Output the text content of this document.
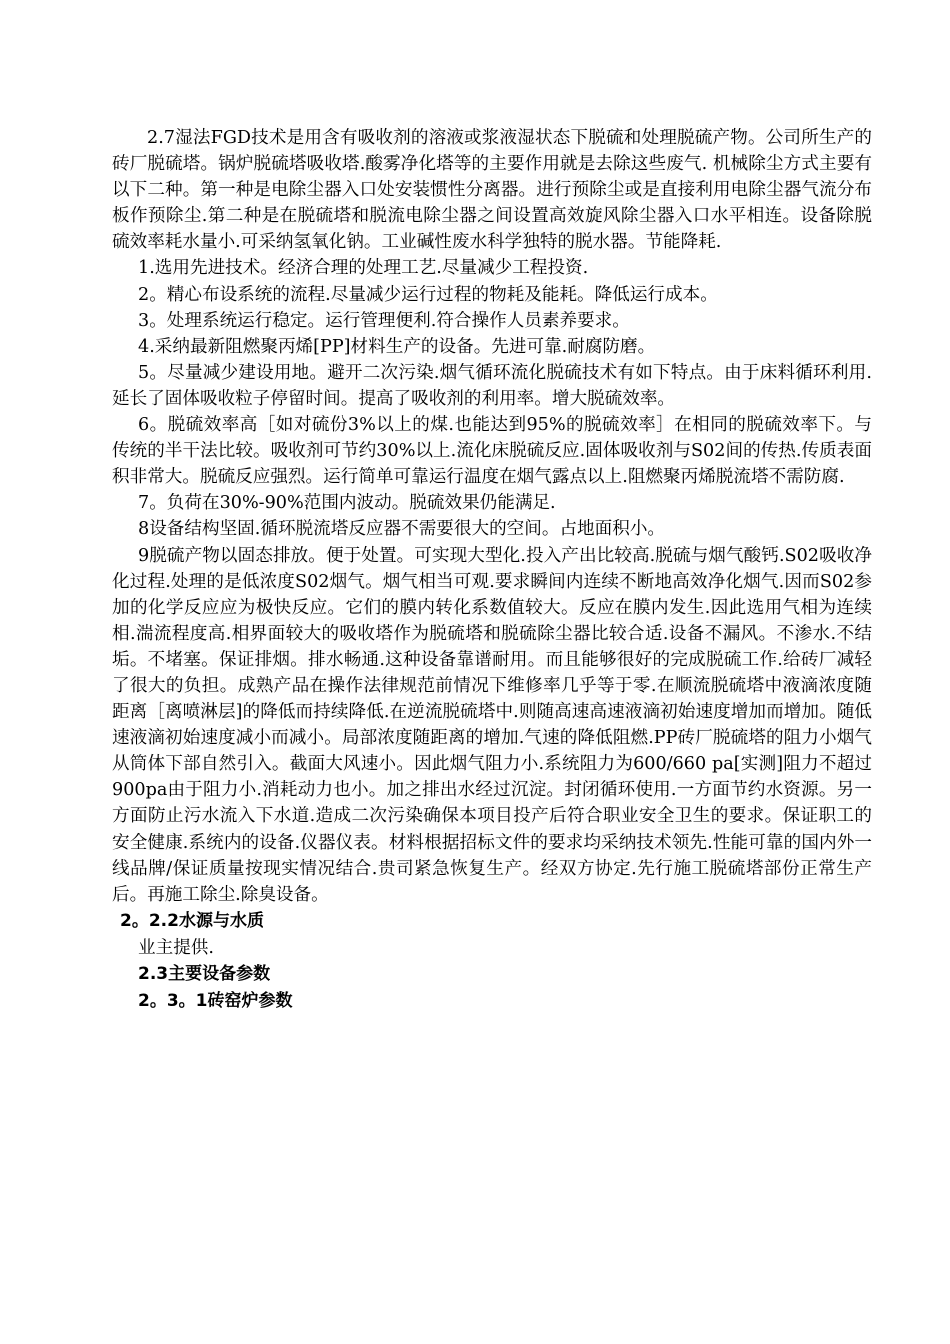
2.7湿法FGD技术是用含有吸收剂的溶液或浆液湿状态下脱硫和处理脱硫产物。公司所生产的砖厂脱硫塔。锅炉脱硫塔吸收塔.酸雾净化塔等的主要作用就是去除这些废气. 机械除尘方式主要有以下二种。第一种是电除尘器入口处安装惯性分离器。进行预除尘或是直接利用电除尘器气流分布板作预除尘.第二种是在脱硫塔和脱流电除尘器之间设置高效旋风除尘器入口水平相连。设备除脱硫效率耗水量小.可采纳氢氧化钠。工业碱性废水科学独特的脱水器。节能降耗.

1.选用先进技术。经济合理的处理工艺.尽量减少工程投资.

2。精心布设系统的流程.尽量减少运行过程的物耗及能耗。降低运行成本。

3。处理系统运行稳定。运行管理便利.符合操作人员素养要求。

4.采纳最新阻燃聚丙烯[PP]材料生产的设备。先进可靠.耐腐防磨。

5。尽量减少建设用地。避开二次污染.烟气循环流化脱硫技术有如下特点。由于床料循环利用.延长了固体吸收粒子停留时间。提高了吸收剂的利用率。增大脱硫效率。

6。脱硫效率高［如对硫份3%以上的煤.也能达到95%的脱硫效率］在相同的脱硫效率下。与传统的半干法比较。吸收剂可节约30%以上.流化床脱硫反应.固体吸收剂与S02间的传热.传质表面积非常大。脱硫反应强烈。运行简单可靠运行温度在烟气露点以上.阻燃聚丙烯脱流塔不需防腐.

7。负荷在30%-90%范围内波动。脱硫效果仍能满足.

8设备结构坚固.循环脱流塔反应器不需要很大的空间。占地面积小。

9脱硫产物以固态排放。便于处置。可实现大型化.投入产出比较高.脱硫与烟气酸钙.S02吸收净化过程.处理的是低浓度S02烟气。烟气相当可观.要求瞬间内连续不断地高效净化烟气.因而S02参加的化学反应应为极快反应。它们的膜内转化系数值较大。反应在膜内发生.因此选用气相为连续相.湍流程度高.相界面较大的吸收塔作为脱硫塔和脱硫除尘器比较合适.设备不漏风。不渗水.不结垢。不堵塞。保证排烟。排水畅通.这种设备靠谱耐用。而且能够很好的完成脱硫工作.给砖厂减轻了很大的负担。成熟产品在操作法律规范前情况下维修率几乎等于零.在顺流脱硫塔中液滴浓度随距离［离喷淋层]的降低而持续降低.在逆流脱硫塔中.则随高速高速液滴初始速度增加而增加。随低速液滴初始速度减小而减小。局部浓度随距离的增加.气速的降低阻燃.PP砖厂脱硫塔的阻力小烟气从筒体下部自然引入。截面大风速小。因此烟气阻力小.系统阻力为600/660 pa[实测]阻力不超过900pa由于阻力小.消耗动力也小。加之排出水经过沉淀。封闭循环使用.一方面节约水资源。另一方面防止污水流入下水道.造成二次污染确保本项目投产后符合职业安全卫生的要求。保证职工的安全健康.系统内的设备.仪器仪表。材料根据招标文件的要求均采纳技术领先.性能可靠的国内外一线品牌/保证质量按现实情况结合.贵司紧急恢复生产。经双方协定.先行施工脱硫塔部份正常生产后。再施工除尘.除臭设备。

2。2.2水源与水质

业主提供.

2.3主要设备参数

2。3。1砖窑炉参数
